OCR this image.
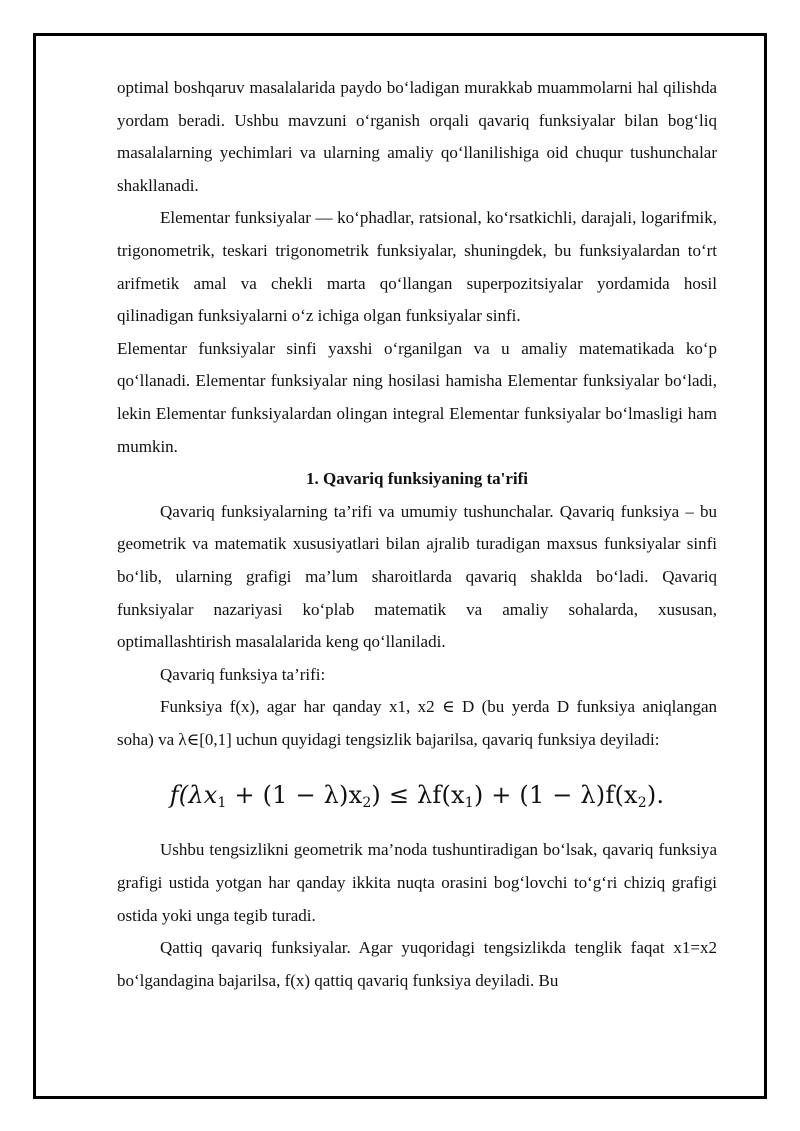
optimal boshqaruv masalalarida paydo bo‘ladigan murakkab muammolarni hal qilishda yordam beradi. Ushbu mavzuni o‘rganish orqali qavariq funksiyalar bilan bog‘liq masalalarning yechimlari va ularning amaliy qo‘llanilishiga oid chuqur tushunchalar shakllanadi.

Elementar funksiyalar — ko‘phadlar, ratsional, ko‘rsatkichli, darajali, logarifmik, trigonometrik, teskari trigonometrik funksiyalar, shuningdek, bu funksiyalardan to‘rt arifmetik amal va chekli marta qo‘llangan superpozitsiyalar yordamida hosil qilinadigan funksiyalarni o‘z ichiga olgan funksiyalar sinfi.

Elementar funksiyalar sinfi yaxshi o‘rganilgan va u amaliy matematikada ko‘p qo‘llanadi. Elementar funksiyalar ning hosilasi hamisha Elementar funksiyalar bo‘ladi, lekin Elementar funksiyalardan olingan integral Elementar funksiyalar bo‘lmasligi ham mumkin.

1. Qavariq funksiyaning ta'rifi

Qavariq funksiyalarning ta’rifi va umumiy tushunchalar. Qavariq funksiya – bu geometrik va matematik xususiyatlari bilan ajralib turadigan maxsus funksiyalar sinfi bo‘lib, ularning grafigi ma’lum sharoitlarda qavariq shaklda bo‘ladi. Qavariq funksiyalar nazariyasi ko‘plab matematik va amaliy sohalarda, xususan, optimallashtirish masalalarida keng qo‘llaniladi.

Qavariq funksiya ta’rifi:

Funksiya f(x), agar har qanday x1, x2 ∈ D (bu yerda D funksiya aniqlangan soha) va λ∈[0,1] uchun quyidagi tengsizlik bajarilsa, qavariq funksiya deyiladi:

$f(\lambda x_1 + (1 - \lambda)x_2) \le \lambda f(x_1) + (1 - \lambda)f(x_2)$.

Ushbu tengsizlikni geometrik ma’noda tushuntiradigan bo‘lsak, qavariq funksiya grafigi ustida yotgan har qanday ikkita nuqta orasini bog‘lovchi to‘g‘ri chiziq grafigi ostida yoki unga tegib turadi.

Qattiq qavariq funksiyalar. Agar yuqoridagi tengsizlikda tenglik faqat x1=x2 bo‘lgandagina bajarilsa, f(x) qattiq qavariq funksiya deyiladi. Bu
